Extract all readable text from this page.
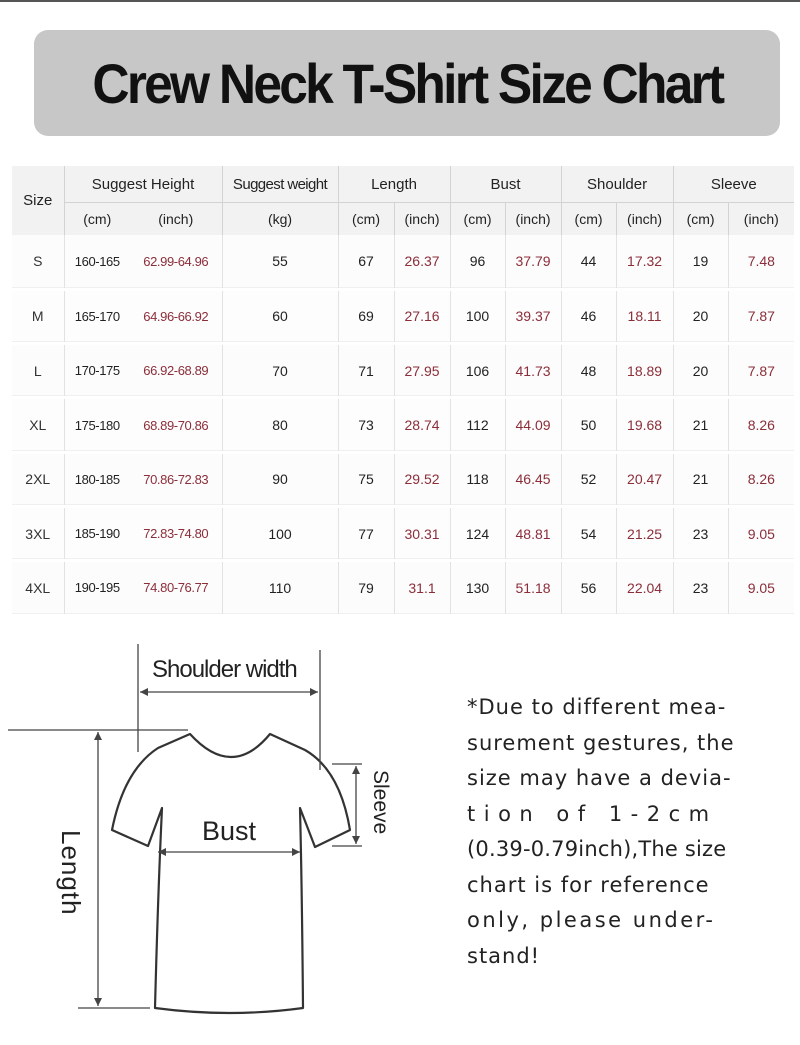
Crew Neck T-Shirt Size Chart
Size	Suggest Height		Suggest weight	Length		Bust		Shoulder		Sleeve	
	(cm)	(inch)	(kg)	(cm)	(inch)	(cm)	(inch)	(cm)	(inch)	(cm)	(inch)
S	160-165	62.99-64.96	55	67	26.37	96	37.79	44	17.32	19	7.48
M	165-170	64.96-66.92	60	69	27.16	100	39.37	46	18.11	20	7.87
L	170-175	66.92-68.89	70	71	27.95	106	41.73	48	18.89	20	7.87
XL	175-180	68.89-70.86	80	73	28.74	112	44.09	50	19.68	21	8.26
2XL	180-185	70.86-72.83	90	75	29.52	118	46.45	52	20.47	21	8.26
3XL	185-190	72.83-74.80	100	77	30.31	124	48.81	54	21.25	23	9.05
4XL	190-195	74.80-76.77	110	79	31.1	130	51.18	56	22.04	23	9.05
Shoulder width
Bust
Length
Sleeve
*Due to different mea-
surement gestures, the
size may have a devia-
tion of 1-2cm
(0.39-0.79inch),The size
chart is for reference
only, please under-
stand!
